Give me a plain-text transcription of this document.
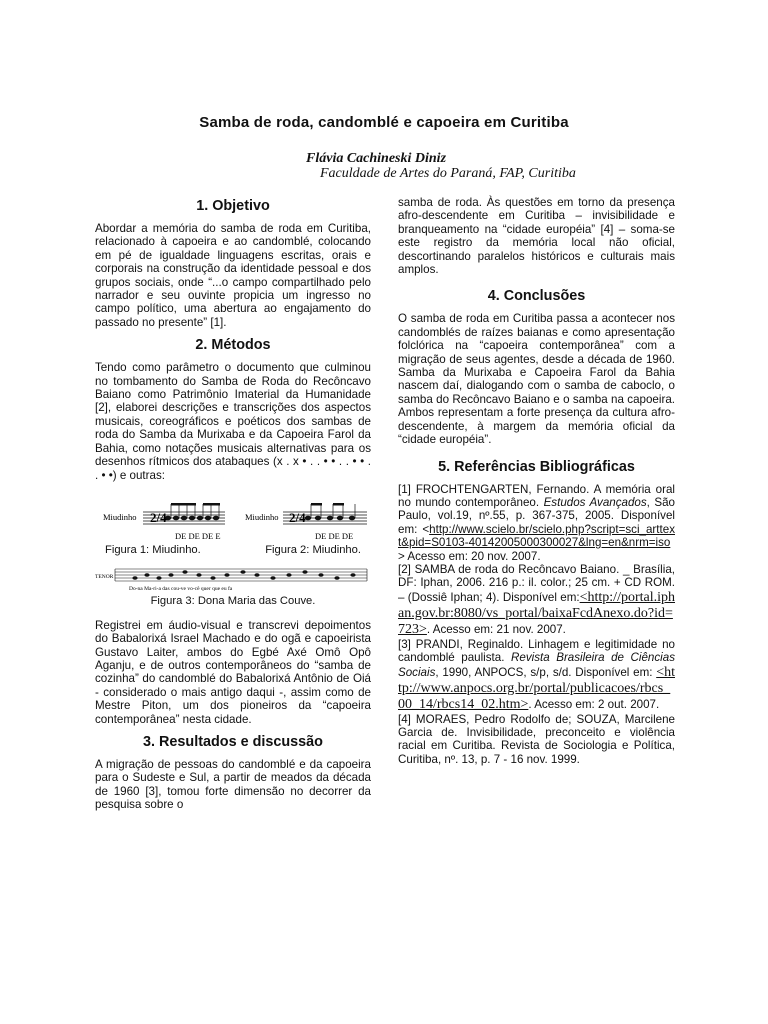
Samba de roda, candomblé e capoeira em Curitiba
Flávia Cachineski Diniz
Faculdade de Artes do Paraná, FAP, Curitiba
1. Objetivo

Abordar a memória do samba de roda em Curitiba, relacionado à capoeira e ao candomblé, colocando em pé de igualdade linguagens escritas, orais e corporais na construção da identidade pessoal e dos grupos sociais, onde “...o campo compartilhado pelo narrador e seu ouvinte propicia um ingresso no campo político, uma abertura ao engajamento do passado no presente” [1].

2. Métodos

Tendo como parâmetro o documento que culminou no tombamento do Samba de Roda do Recôncavo Baiano como Patrimônio Imaterial da Humanidade [2], elaborei descrições e transcrições dos aspectos musicais, coreográficos e poéticos dos sambas de roda do Samba da Murixaba e da Capoeira Farol da Bahia, como notações musicais alternativas para os desenhos rítmicos dos atabaques (x . x • . . • • . . • • . . • •) e outras:

Miudinho 2/4
DE DE DE E
Miudinho 2/4
DE DE DE
Figura 1: Miudinho.	Figura 2: Miudinho.
TENOR
Do-na Ma-ri-a das cou-ve vo-cê quer que eu fa
Figura 3: Dona Maria das Couve.

Registrei em áudio-visual e transcrevi depoimentos do Babalorixá Israel Machado e do ogã e capoeirista Gustavo Laiter, ambos do Egbé Axé Omô Opô Aganju, e de outros contemporâneos do “samba de cozinha” do candomblé do Babalorixá Antônio de Oiá - considerado o mais antigo daqui -, assim como de Mestre Piton, um dos pioneiros da “capoeira contemporânea” nesta cidade.

3. Resultados e discussão

A migração de pessoas do candomblé e da capoeira para o Sudeste e Sul, a partir de meados da década de 1960 [3], tomou forte dimensão no decorrer da pesquisa sobre o

samba de roda. Às questões em torno da presença afro-descendente em Curitiba – invisibilidade e branqueamento na “cidade européia” [4] – soma-se este registro da memória local não oficial, descortinando paralelos históricos e culturais mais amplos.

4. Conclusões

O samba de roda em Curitiba passa a acontecer nos candomblés de raízes baianas e como apresentação folclórica na “capoeira contemporânea” com a migração de seus agentes, desde a década de 1960. Samba da Murixaba e Capoeira Farol da Bahia nascem daí, dialogando com o samba de caboclo, o samba do Recôncavo Baiano e o samba na capoeira. Ambos representam a forte presença da cultura afro-descendente, à margem da memória oficial da “cidade européia”.

5. Referências Bibliográficas

[1] FROCHTENGARTEN, Fernando. A memória oral no mundo contemporâneo. Estudos Avançados, São Paulo, vol.19, nº.55, p. 367-375, 2005. Disponível em: <http://www.scielo.br/scielo.php?script=sci_arttext&pid=S0103-40142005000300027&lng=en&nrm=iso> Acesso em: 20 nov. 2007.

[2] SAMBA de roda do Recôncavo Baiano. _ Brasília, DF: Iphan, 2006. 216 p.: il. color.; 25 cm. + CD ROM. – (Dossiê Iphan; 4). Disponível em:<http://portal.iphan.gov.br:8080/vs_portal/baixaFcdAnexo.do?id=723>. Acesso em: 21 nov. 2007.

[3] PRANDI, Reginaldo. Linhagem e legitimidade no candomblé paulista. Revista Brasileira de Ciências Sociais, 1990, ANPOCS, s/p, s/d. Disponível em: <http://www.anpocs.org.br/portal/publicacoes/rbcs_00_14/rbcs14_02.htm>. Acesso em: 2 out. 2007.

[4] MORAES, Pedro Rodolfo de; SOUZA, Marcilene Garcia de. Invisibilidade, preconceito e violência racial em Curitiba. Revista de Sociologia e Política, Curitiba, nº. 13, p. 7 - 16 nov. 1999.
